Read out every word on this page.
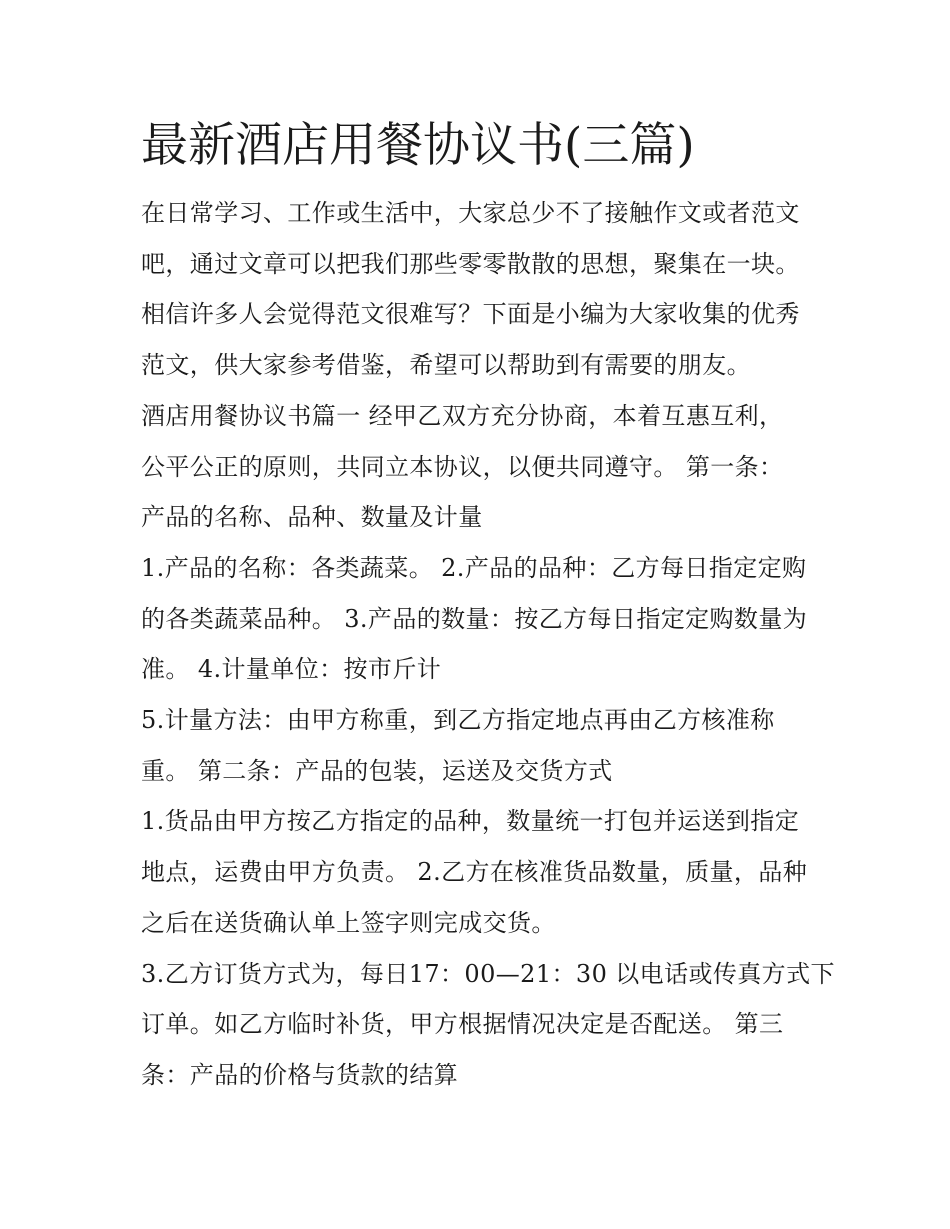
最新酒店用餐协议书(三篇)

在日常学习、工作或生活中，大家总少不了接触作文或者范文
吧，通过文章可以把我们那些零零散散的思想，聚集在一块。
相信许多人会觉得范文很难写？下面是小编为大家收集的优秀
范文，供大家参考借鉴，希望可以帮助到有需要的朋友。

酒店用餐协议书篇一 经甲乙双方充分协商，本着互惠互利，
公平公正的原则，共同立本协议，以便共同遵守。 第一条：
产品的名称、品种、数量及计量

1.产品的名称：各类蔬菜。 2.产品的品种：乙方每日指定定购
的各类蔬菜品种。 3.产品的数量：按乙方每日指定定购数量为
准。 4.计量单位：按市斤计

5.计量方法：由甲方称重，到乙方指定地点再由乙方核准称
重。 第二条：产品的包装，运送及交货方式

1.货品由甲方按乙方指定的品种，数量统一打包并运送到指定
地点，运费由甲方负责。 2.乙方在核准货品数量，质量，品种
之后在送货确认单上签字则完成交货。

3.乙方订货方式为，每日17：00—21：30 以电话或传真方式下
订单。如乙方临时补货，甲方根据情况决定是否配送。 第三
条：产品的价格与货款的结算
